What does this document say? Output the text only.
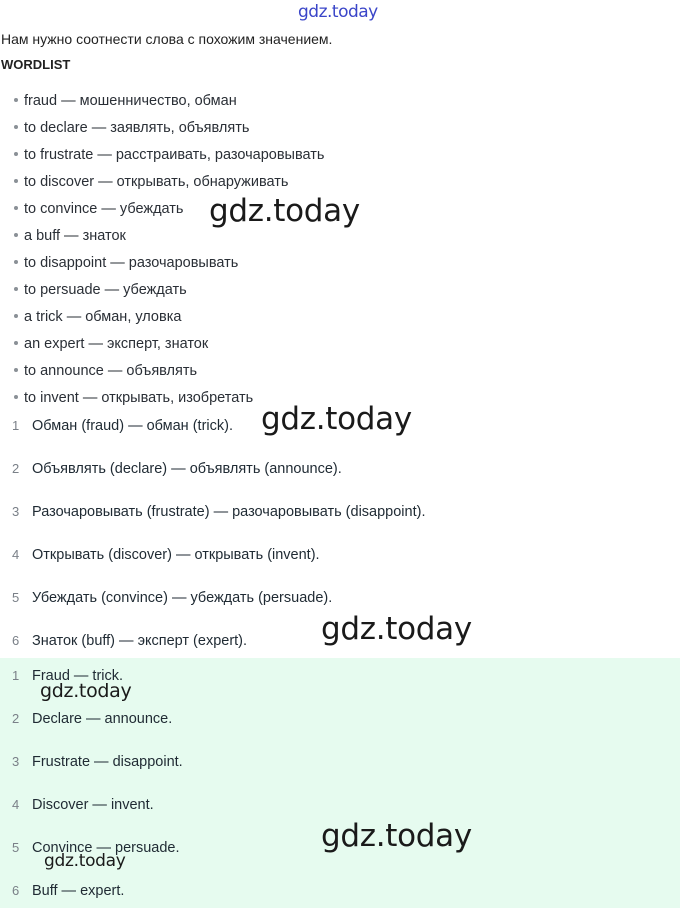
gdz.today
Нам нужно соотнести слова с похожим значением.
WORDLIST
fraud — мошенничество, обман
to declare — заявлять, объявлять
to frustrate — расстраивать, разочаровывать
to discover — открывать, обнаруживать
to convince — убеждать
a buff — знаток
to disappoint — разочаровывать
to persuade — убеждать
a trick — обман, уловка
an expert — эксперт, знаток
to announce — объявлять
to invent — открывать, изобретать
1 Обман (fraud) — обман (trick).
2 Объявлять (declare) — объявлять (announce).
3 Разочаровывать (frustrate) — разочаровывать (disappoint).
4 Открывать (discover) — открывать (invent).
5 Убеждать (convince) — убеждать (persuade).
6 Знаток (buff) — эксперт (expert).
1 Fraud — trick.
2 Declare — announce.
3 Frustrate — disappoint.
4 Discover — invent.
5 Convince — persuade.
6 Buff — expert.
gdz.today
gdz.today
gdz.today
gdz.today
gdz.today
gdz.today
